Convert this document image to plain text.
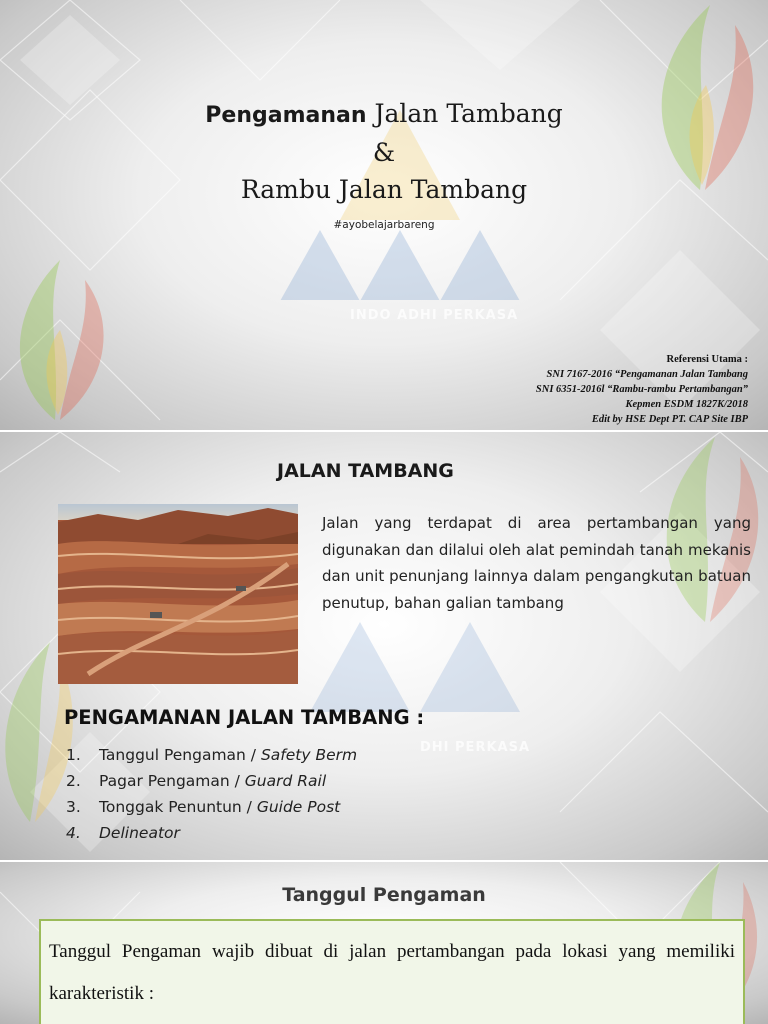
INDO ADHI PERKASA
Pengamanan Jalan Tambang
&
Rambu Jalan Tambang
#ayobelajarbareng
Referensi Utama :
SNI 7167-2016 “Pengamanan Jalan Tambang
SNI 6351-2016l “Rambu-rambu Pertambangan”
Kepmen ESDM 1827K/2018
Edit by HSE Dept PT. CAP Site IBP
DHI PERKASA
JALAN TAMBANG
Jalan yang terdapat di area pertambangan yang digunakan dan dilalui oleh alat pemindah tanah mekanis dan unit penunjang lainnya dalam pengangkutan batuan penutup, bahan galian tambang
PENGAMANAN JALAN TAMBANG :
1.	Tanggul Pengaman / Safety Berm
2.	Pagar Pengaman / Guard Rail
3.	Tonggak Penuntun / Guide Post
4.	Delineator
Tanggul Pengaman
Tanggul Pengaman wajib dibuat di jalan pertambangan pada lokasi yang memiliki karakteristik :
